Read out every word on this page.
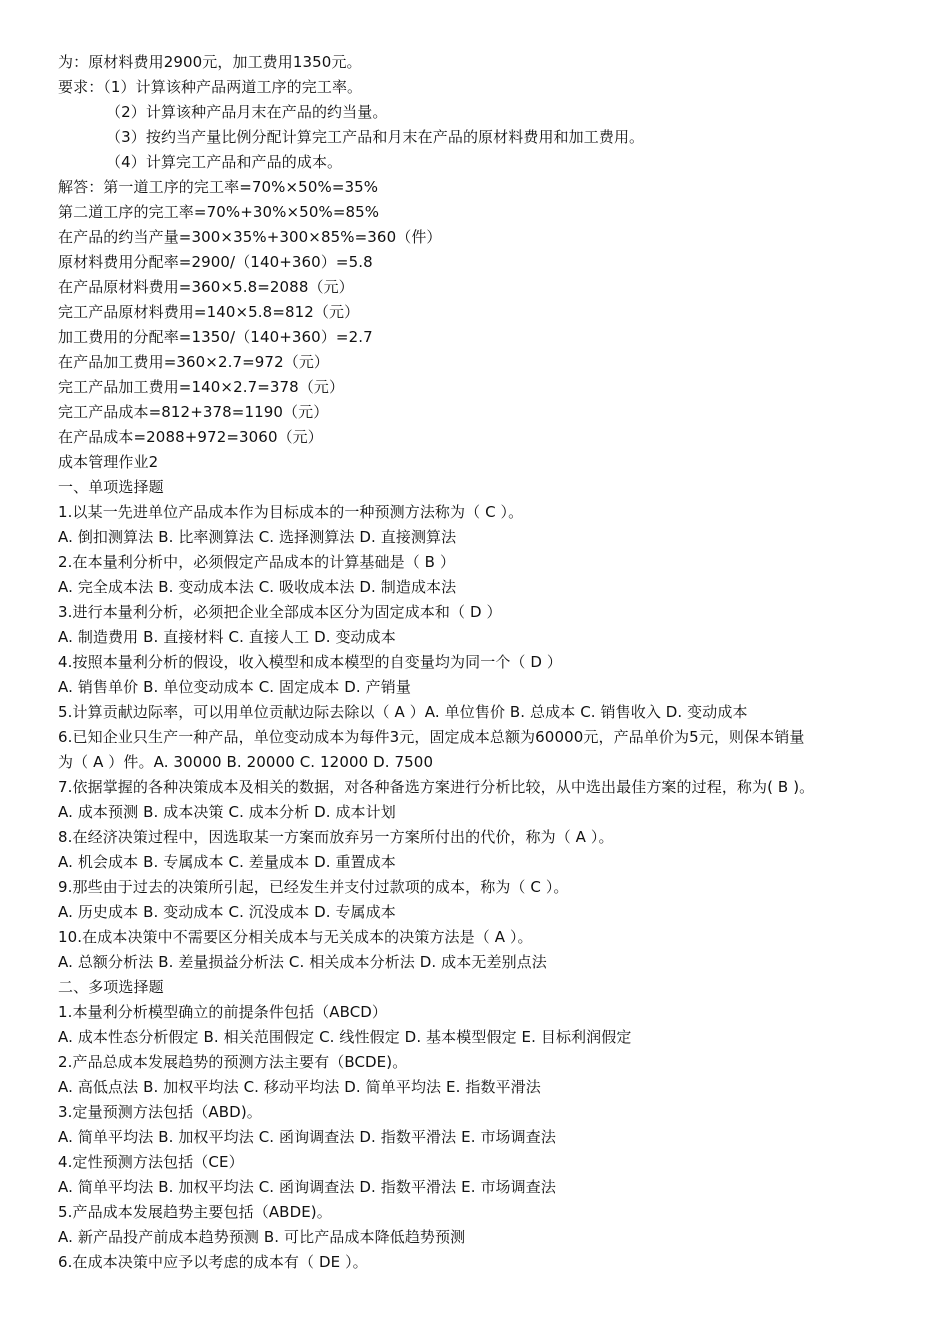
为：原材料费用2900元，加工费用1350元。
要求：（1）计算该种产品两道工序的完工率。
（2）计算该种产品月末在产品的约当量。
（3）按约当产量比例分配计算完工产品和月末在产品的原材料费用和加工费用。
（4）计算完工产品和产品的成本。
解答：第一道工序的完工率=70%×50%=35%
第二道工序的完工率=70%+30%×50%=85%
在产品的约当产量=300×35%+300×85%=360（件）
原材料费用分配率=2900/（140+360）=5.8
在产品原材料费用=360×5.8=2088（元）
完工产品原材料费用=140×5.8=812（元）
加工费用的分配率=1350/（140+360）=2.7
在产品加工费用=360×2.7=972（元）
完工产品加工费用=140×2.7=378（元）
完工产品成本=812+378=1190（元）
在产品成本=2088+972=3060（元）
成本管理作业2
一、单项选择题
1.以某一先进单位产品成本作为目标成本的一种预测方法称为（ C ）。
A. 倒扣测算法 B. 比率测算法 C. 选择测算法 D. 直接测算法
2.在本量利分析中，必须假定产品成本的计算基础是（ B ）
A. 完全成本法 B. 变动成本法 C. 吸收成本法 D. 制造成本法
3.进行本量利分析，必须把企业全部成本区分为固定成本和（ D ）
A. 制造费用 B. 直接材料 C. 直接人工 D. 变动成本
4.按照本量利分析的假设，收入模型和成本模型的自变量均为同一个（ D ）
A. 销售单价 B. 单位变动成本 C. 固定成本 D. 产销量
5.计算贡献边际率，可以用单位贡献边际去除以（ A ）A. 单位售价 B. 总成本 C. 销售收入 D. 变动成本
6.已知企业只生产一种产品，单位变动成本为每件3元，固定成本总额为60000元，产品单价为5元，则保本销量
为（ A ）件。A. 30000 B. 20000 C. 12000 D. 7500
7.依据掌握的各种决策成本及相关的数据，对各种备选方案进行分析比较，从中选出最佳方案的过程，称为( B )。
A. 成本预测 B. 成本决策 C. 成本分析 D. 成本计划
8.在经济决策过程中，因选取某一方案而放弃另一方案所付出的代价，称为（ A ）。
A. 机会成本 B. 专属成本 C. 差量成本 D. 重置成本
9.那些由于过去的决策所引起，已经发生并支付过款项的成本，称为（ C ）。
A. 历史成本 B. 变动成本 C. 沉没成本 D. 专属成本
10.在成本决策中不需要区分相关成本与无关成本的决策方法是（ A ）。
A. 总额分析法 B. 差量损益分析法 C. 相关成本分析法 D. 成本无差别点法
二、多项选择题
1.本量利分析模型确立的前提条件包括（ABCD）
A. 成本性态分析假定 B. 相关范围假定 C. 线性假定 D. 基本模型假定 E. 目标利润假定
2.产品总成本发展趋势的预测方法主要有（BCDE)。
A. 高低点法 B. 加权平均法 C. 移动平均法 D. 简单平均法 E. 指数平滑法
3.定量预测方法包括（ABD)。
A. 简单平均法 B. 加权平均法 C. 函询调查法 D. 指数平滑法 E. 市场调查法
4.定性预测方法包括（CE）
A. 简单平均法 B. 加权平均法 C. 函询调查法 D. 指数平滑法 E. 市场调查法
5.产品成本发展趋势主要包括（ABDE)。
A. 新产品投产前成本趋势预测 B. 可比产品成本降低趋势预测
6.在成本决策中应予以考虑的成本有（ DE ）。
